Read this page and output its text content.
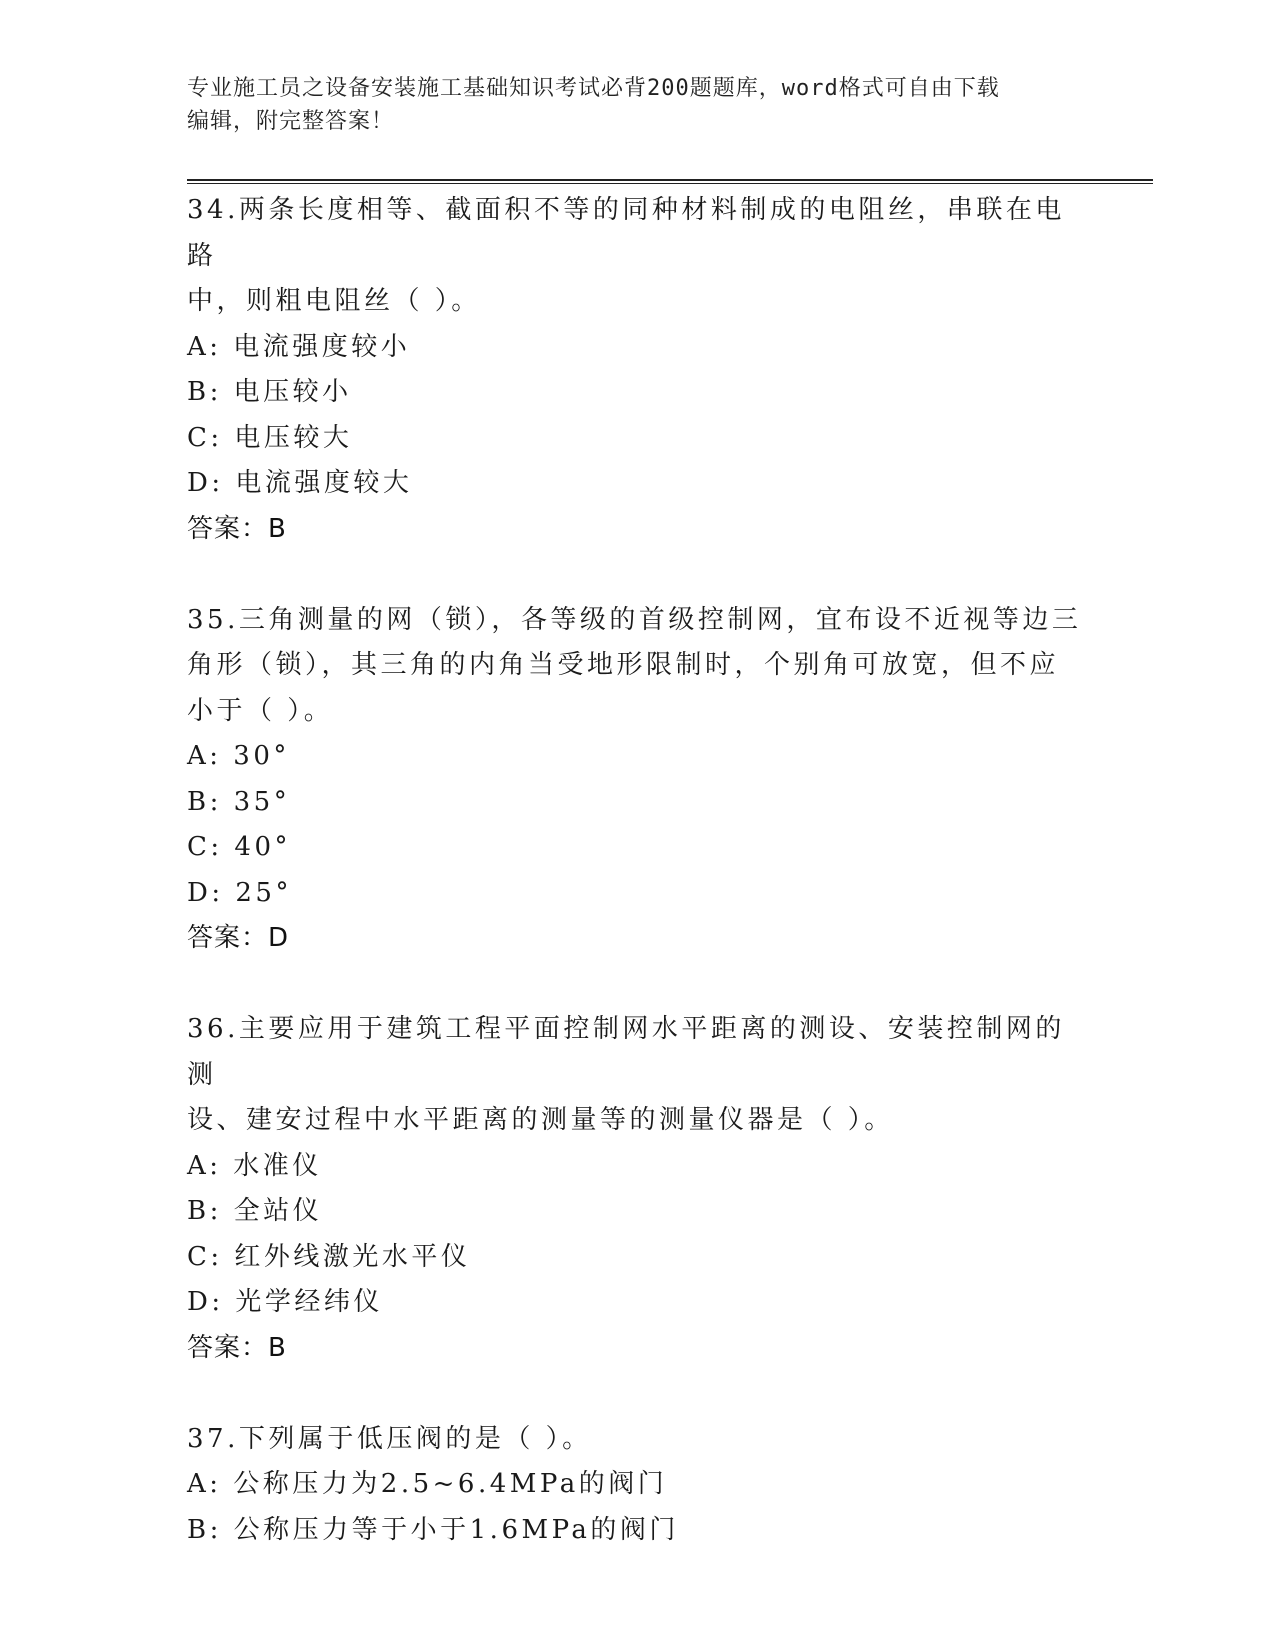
专业施工员之设备安装施工基础知识考试必背200题题库，word格式可自由下载
编辑，附完整答案！

34.两条长度相等、截面积不等的同种材料制成的电阻丝，串联在电路
中，则粗电阻丝（ ）。

A: 电流强度较小

B: 电压较小

C: 电压较大

D: 电流强度较大

答案：B

35.三角测量的网（锁），各等级的首级控制网，宜布设不近视等边三
角形（锁），其三角的内角当受地形限制时，个别角可放宽，但不应
小于（ ）。

A: 30°

B: 35°

C: 40°

D: 25°

答案：D

36.主要应用于建筑工程平面控制网水平距离的测设、安装控制网的测
设、建安过程中水平距离的测量等的测量仪器是（ ）。

A: 水准仪

B: 全站仪

C: 红外线激光水平仪

D: 光学经纬仪

答案：B

37.下列属于低压阀的是（ ）。

A: 公称压力为2.5~6.4MPa的阀门

B: 公称压力等于小于1.6MPa的阀门
